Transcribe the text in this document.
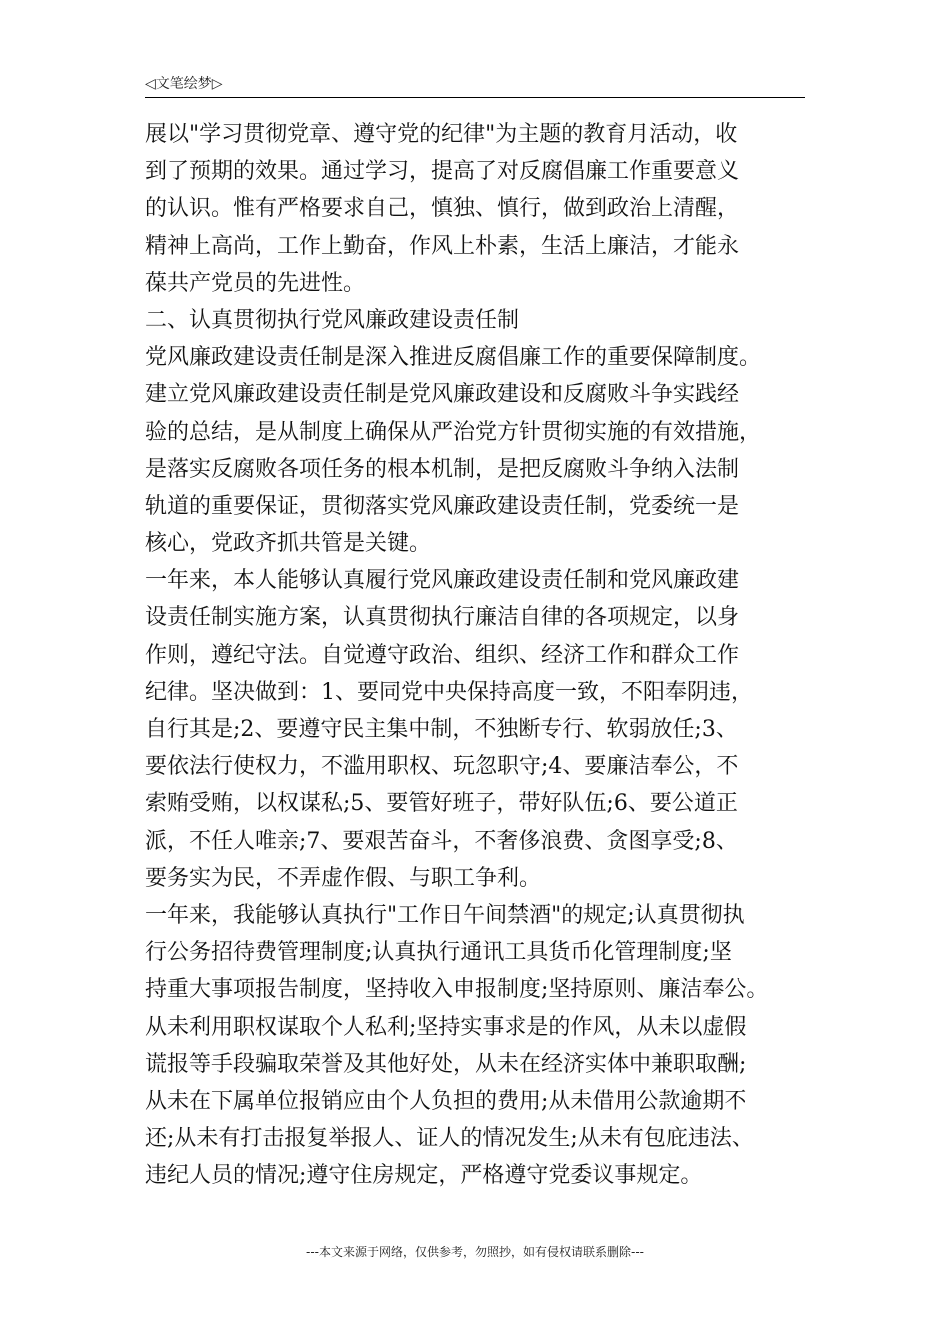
◁文笔绘梦▷
展以"学习贯彻党章、遵守党的纪律"为主题的教育月活动，收
到了预期的效果。通过学习，提高了对反腐倡廉工作重要意义
的认识。惟有严格要求自己，慎独、慎行，做到政治上清醒，
精神上高尚，工作上勤奋，作风上朴素，生活上廉洁，才能永
葆共产党员的先进性。
二、认真贯彻执行党风廉政建设责任制
党风廉政建设责任制是深入推进反腐倡廉工作的重要保障制度。
建立党风廉政建设责任制是党风廉政建设和反腐败斗争实践经
验的总结，是从制度上确保从严治党方针贯彻实施的有效措施，
是落实反腐败各项任务的根本机制，是把反腐败斗争纳入法制
轨道的重要保证，贯彻落实党风廉政建设责任制，党委统一是
核心，党政齐抓共管是关键。
一年来，本人能够认真履行党风廉政建设责任制和党风廉政建
设责任制实施方案，认真贯彻执行廉洁自律的各项规定，以身
作则，遵纪守法。自觉遵守政治、组织、经济工作和群众工作
纪律。坚决做到：1、要同党中央保持高度一致，不阳奉阴违，
自行其是;2、要遵守民主集中制，不独断专行、软弱放任;3、
要依法行使权力，不滥用职权、玩忽职守;4、要廉洁奉公，不
索贿受贿，以权谋私;5、要管好班子，带好队伍;6、要公道正
派，不任人唯亲;7、要艰苦奋斗，不奢侈浪费、贪图享受;8、
要务实为民，不弄虚作假、与职工争利。
一年来，我能够认真执行"工作日午间禁酒"的规定;认真贯彻执
行公务招待费管理制度;认真执行通讯工具货币化管理制度;坚
持重大事项报告制度，坚持收入申报制度;坚持原则、廉洁奉公。
从未利用职权谋取个人私利;坚持实事求是的作风，从未以虚假
谎报等手段骗取荣誉及其他好处，从未在经济实体中兼职取酬;
从未在下属单位报销应由个人负担的费用;从未借用公款逾期不
还;从未有打击报复举报人、证人的情况发生;从未有包庇违法、
违纪人员的情况;遵守住房规定，严格遵守党委议事规定。
---本文来源于网络，仅供参考，勿照抄，如有侵权请联系删除---
